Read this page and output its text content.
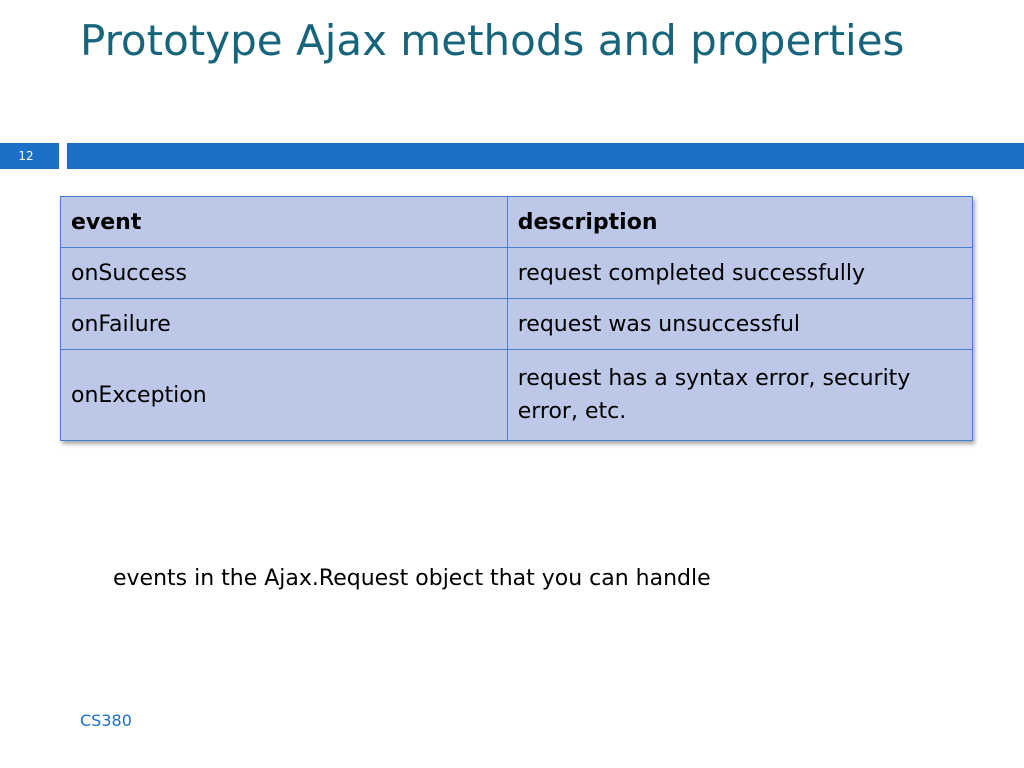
Prototype Ajax methods and properties
12
event	description
onSuccess	request completed successfully
onFailure	request was unsuccessful
onException	request has a syntax error, security error, etc.

events in the Ajax.Request object that you can handle

CS380
